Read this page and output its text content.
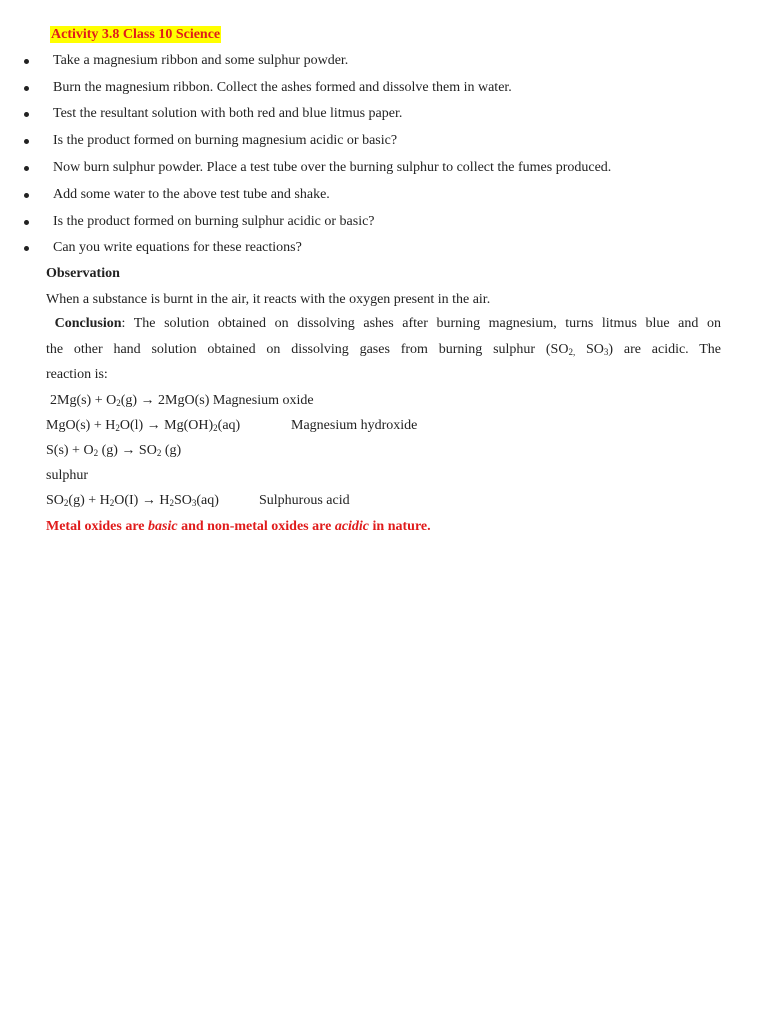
Activity 3.8 Class 10 Science
Take a magnesium ribbon and some sulphur powder.
Burn the magnesium ribbon. Collect the ashes formed and dissolve them in water.
Test the resultant solution with both red and blue litmus paper.
Is the product formed on burning magnesium acidic or basic?
Now burn sulphur powder. Place a test tube over the burning sulphur to collect the fumes produced.
Add some water to the above test tube and shake.
Is the product formed on burning sulphur acidic or basic?
Can you write equations for these reactions?
Observation
When a substance is burnt in the air, it reacts with the oxygen present in the air.
Conclusion: The solution obtained on dissolving ashes after burning magnesium, turns litmus blue and on
the other hand solution obtained on dissolving gases from burning sulphur ($SO_{2,}$ $SO_3$) are acidic. The
reaction is:
$2Mg(s) + O_2(g) \to 2MgO(s)$ Magnesium oxide
$MgO(s) + H_2O(l) \to Mg(OH)_2(aq)$	Magnesium hydroxide
$S(s) + O_2$ $(g) \to SO_2$ (g)
sulphur
$SO_2(g) + H_2O(I) \to H_2SO_3(aq)$	Sulphurous acid
Metal oxides are basic and non-metal oxides are acidic in nature.
